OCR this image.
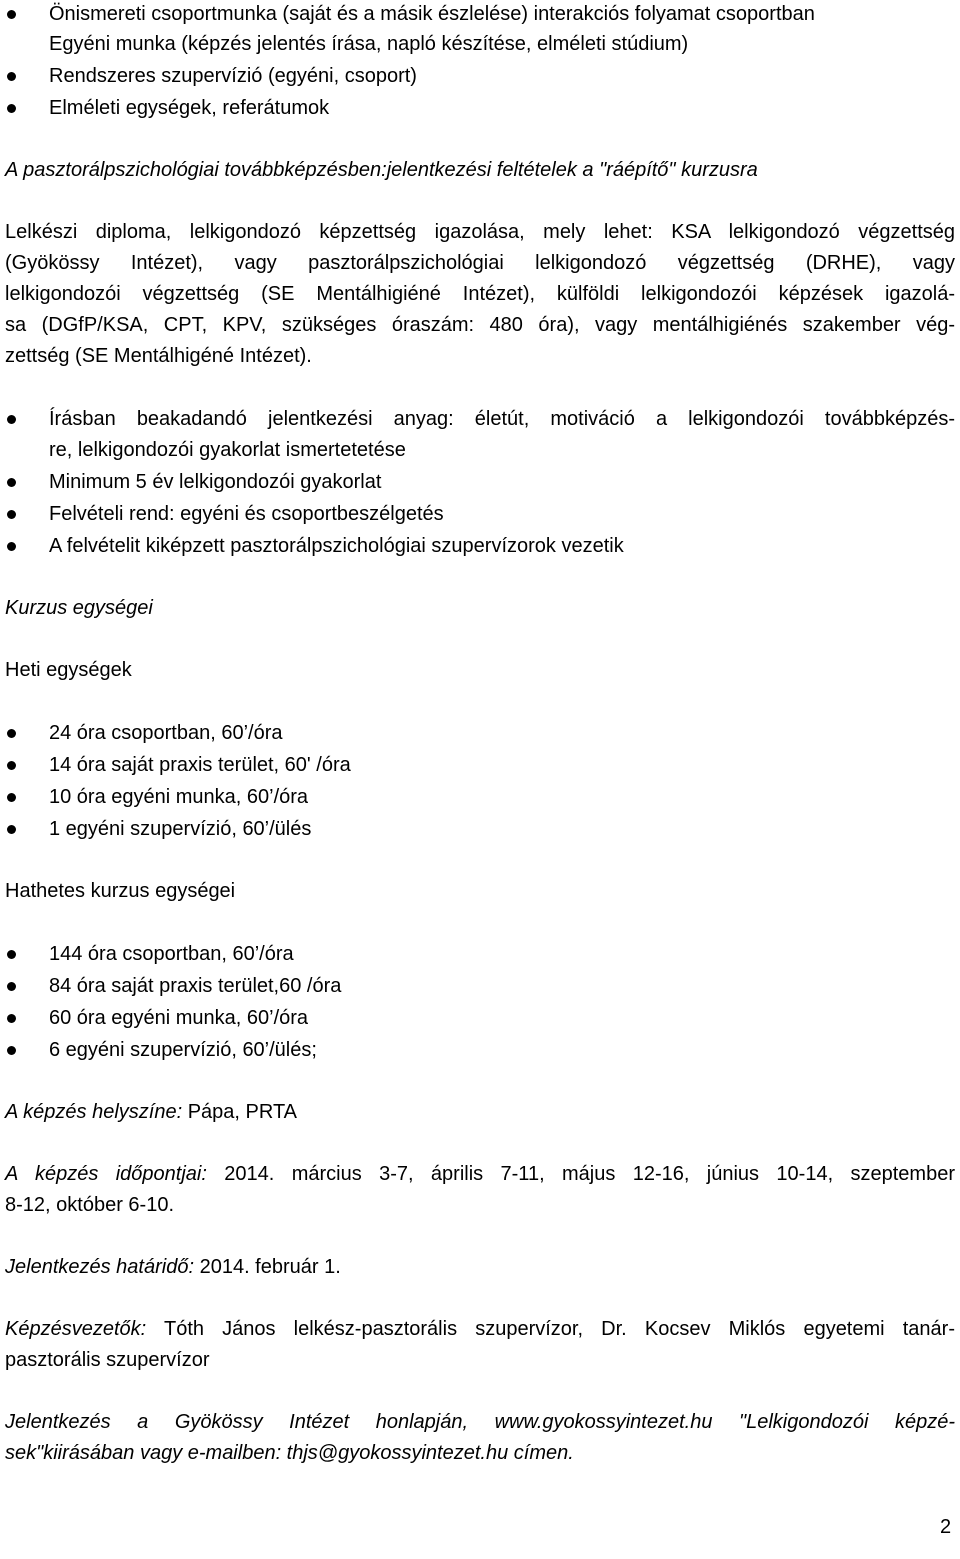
Önismereti csoportmunka (saját és a másik észlelése) interakciós folyamat csoportban
Egyéni munka (képzés jelentés írása, napló készítése, elméleti stúdium)
Rendszeres szupervízió (egyéni, csoport)
Elméleti egységek, referátumok
A pasztorálpszichológiai továbbképzésben:jelentkezési feltételek a "ráépítő" kurzusra
Lelkészi diploma, lelkigondozó képzettség igazolása, mely lehet: KSA lelkigondozó végzettség
(Gyökössy Intézet), vagy pasztorálpszichológiai lelkigondozó végzettség (DRHE), vagy
lelkigondozói végzettség (SE Mentálhigiéné Intézet), külföldi lelkigondozói képzések igazolá-
sa (DGfP/KSA, CPT, KPV, szükséges óraszám: 480 óra), vagy mentálhigiénés szakember vég-
zettség (SE Mentálhigéné Intézet).
Írásban beakadandó jelentkezési anyag: életút, motiváció a lelkigondozói továbbképzés-
re, lelkigondozói gyakorlat ismertetetése
Minimum 5 év lelkigondozói gyakorlat
Felvételi rend: egyéni és csoportbeszélgetés
A felvételit kiképzett pasztorálpszichológiai szupervízorok vezetik
Kurzus egységei
Heti egységek
24 óra csoportban, 60’/óra
14 óra saját praxis terület, 60' /óra
10 óra egyéni munka, 60’/óra
1 egyéni szupervízió, 60’/ülés
Hathetes kurzus egységei
144 óra csoportban, 60’/óra
84 óra saját praxis terület,60 /óra
60 óra egyéni munka, 60’/óra
6 egyéni szupervízió, 60’/ülés;
A képzés helyszíne: Pápa, PRTA
A képzés időpontjai: 2014. március 3-7, április 7-11, május 12-16, június 10-14, szeptember
8-12, október 6-10.
Jelentkezés határidő: 2014. február 1.
Képzésvezetők: Tóth János lelkész-pasztorális szupervízor, Dr. Kocsev Miklós egyetemi tanár-
pasztorális szupervízor
Jelentkezés a Gyökössy Intézet honlapján, www.gyokossyintezet.hu "Lelkigondozói képzé-
sek"kiirásában vagy e-mailben: thjs@gyokossyintezet.hu címen.
2
